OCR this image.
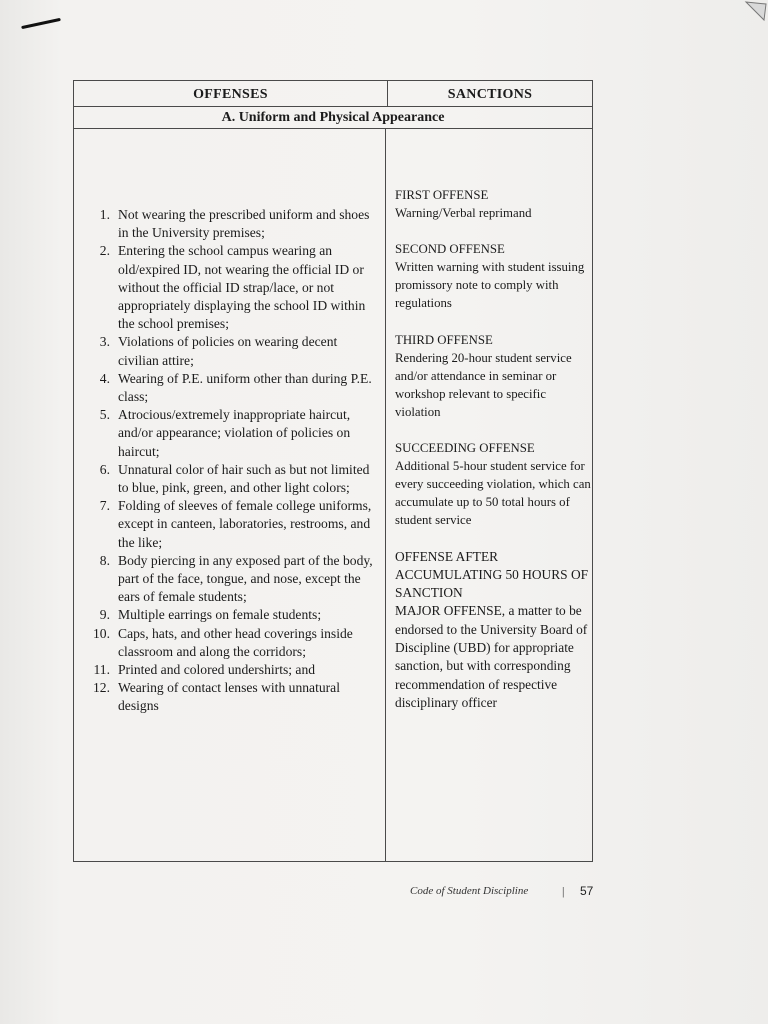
OFFENSES	SANCTIONS
A. Uniform and Physical Appearance
1. Not wearing the prescribed uniform and shoes in the University premises;
2. Entering the school campus wearing an old/expired ID, not wearing the official ID or without the official ID strap/lace, or not appropriately displaying the school ID within the school premises;
3. Violations of policies on wearing decent civilian attire;
4. Wearing of P.E. uniform other than during P.E. class;
5. Atrocious/extremely inappropriate haircut, and/or appearance; violation of policies on haircut;
6. Unnatural color of hair such as but not limited to blue, pink, green, and other light colors;
7. Folding of sleeves of female college uniforms, except in canteen, laboratories, restrooms, and the like;
8. Body piercing in any exposed part of the body, part of the face, tongue, and nose, except the ears of female students;
9. Multiple earrings on female students;
10. Caps, hats, and other head coverings inside classroom and along the corridors;
11. Printed and colored undershirts; and
12. Wearing of contact lenses with unnatural designs
FIRST OFFENSE
Warning/Verbal reprimand
SECOND OFFENSE
Written warning with student issuing promissory note to comply with regulations
THIRD OFFENSE
Rendering 20-hour student service and/or attendance in seminar or workshop relevant to specific violation
SUCCEEDING OFFENSE
Additional 5-hour student service for every succeeding violation, which can accumulate up to 50 total hours of student service
OFFENSE AFTER ACCUMULATING 50 HOURS OF SANCTION
MAJOR OFFENSE, a matter to be endorsed to the University Board of Discipline (UBD) for appropriate sanction, but with corresponding recommendation of respective disciplinary officer
Code of Student Discipline	| 57
